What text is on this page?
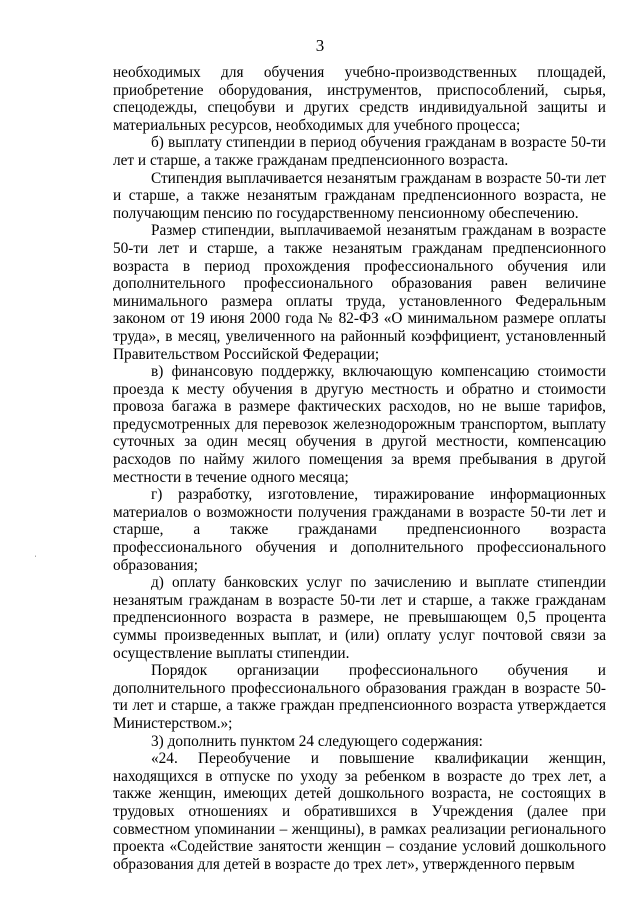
3
ˌ

необходимых для обучения учебно-производственных площадей, приобретение оборудования, инструментов, приспособлений, сырья, спецодежды, спецобуви и других средств индивидуальной защиты и материальных ресурсов, необходимых для учебного процесса;

б) выплату стипендии в период обучения гражданам в возрасте 50-ти лет и старше, а также гражданам предпенсионного возраста.

Стипендия выплачивается незанятым гражданам в возрасте 50-ти лет и старше, а также незанятым гражданам предпенсионного возраста, не получающим пенсию по государственному пенсионному обеспечению.

Размер стипендии, выплачиваемой незанятым гражданам в возрасте 50-ти лет и старше, а также незанятым гражданам предпенсионного возраста в период прохождения профессионального обучения или дополнительного профессионального образования равен величине минимального размера оплаты труда, установленного Федеральным законом от 19 июня 2000 года № 82-ФЗ «О минимальном размере оплаты труда», в месяц, увеличенного на районный коэффициент, установленный Правительством Российской Федерации;

в) финансовую поддержку, включающую компенсацию стоимости проезда к месту обучения в другую местность и обратно и стоимости провоза багажа в размере фактических расходов, но не выше тарифов, предусмотренных для перевозок железнодорожным транспортом, выплату суточных за один месяц обучения в другой местности, компенсацию расходов по найму жилого помещения за время пребывания в другой местности в течение одного месяца;

г) разработку, изготовление, тиражирование информационных материалов о возможности получения гражданами в возрасте 50-ти лет и старше, а также гражданами предпенсионного возраста профессионального обучения и дополнительного профессионального образования;

д) оплату банковских услуг по зачислению и выплате стипендии незанятым гражданам в возрасте 50-ти лет и старше, а также гражданам предпенсионного возраста в размере, не превышающем 0,5 процента суммы произведенных выплат, и (или) оплату услуг почтовой связи за осуществление выплаты стипендии.

Порядок организации профессионального обучения и дополнительного профессионального образования граждан в возрасте 50-ти лет и старше, а также граждан предпенсионного возраста утверждается Министерством.»;

3) дополнить пунктом 24 следующего содержания:

«24. Переобучение и повышение квалификации женщин, находящихся в отпуске по уходу за ребенком в возрасте до трех лет, а также женщин, имеющих детей дошкольного возраста, не состоящих в трудовых отношениях и обратившихся в Учреждения (далее при совместном упоминании – женщины), в рамках реализации регионального проекта «Содействие занятости женщин – создание условий дошкольного образования для детей в возрасте до трех лет», утвержденного первым
